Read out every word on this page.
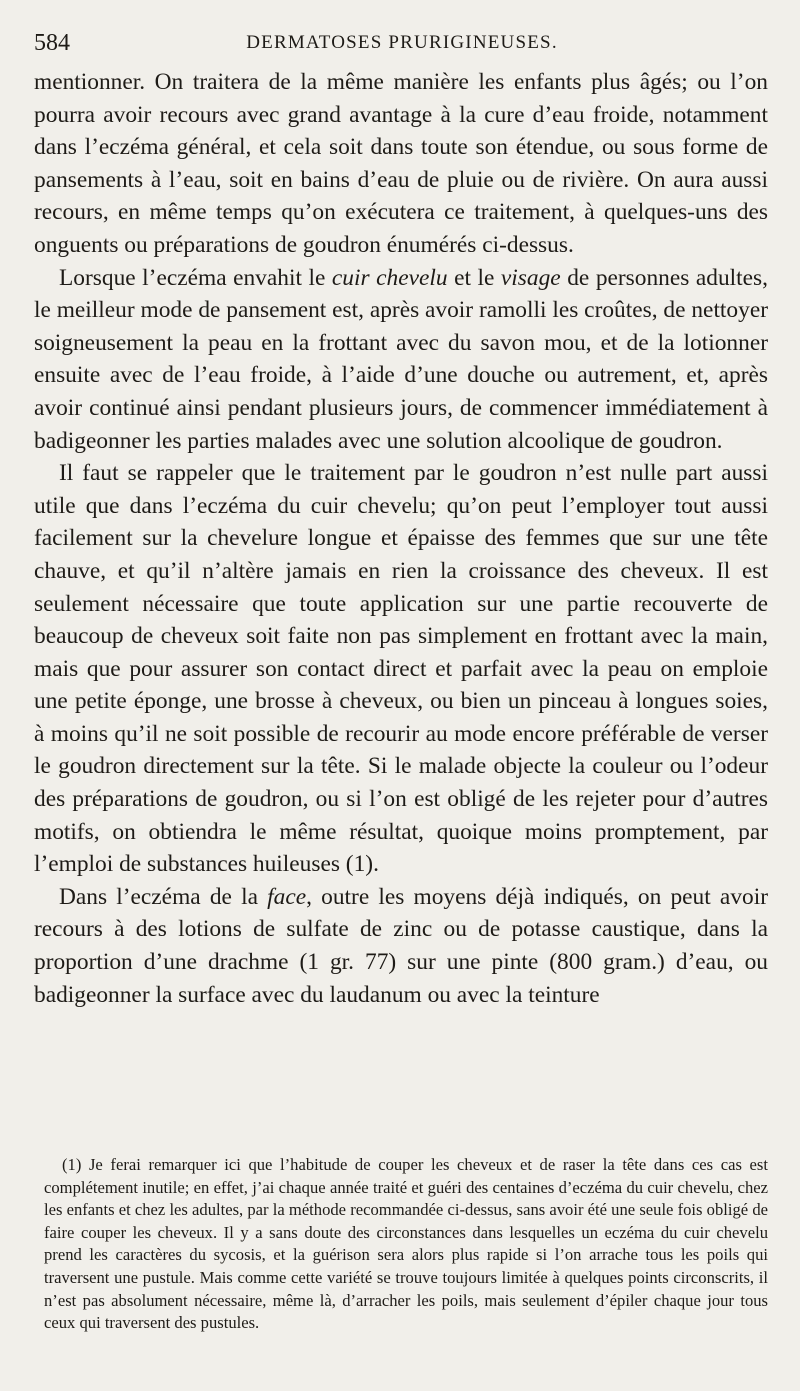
584	DERMATOSES PRURIGINEUSES.

mentionner. On traitera de la même manière les enfants plus âgés; ou l’on pourra avoir recours avec grand avantage à la cure d’eau froide, notamment dans l’eczéma général, et cela soit dans toute son étendue, ou sous forme de pansements à l’eau, soit en bains d’eau de pluie ou de rivière. On aura aussi recours, en même temps qu’on exécutera ce traitement, à quelques-uns des onguents ou préparations de goudron énumérés ci-dessus.

Lorsque l’eczéma envahit le cuir chevelu et le visage de personnes adultes, le meilleur mode de pansement est, après avoir ramolli les croûtes, de nettoyer soigneusement la peau en la frottant avec du savon mou, et de la lotionner ensuite avec de l’eau froide, à l’aide d’une douche ou autrement, et, après avoir continué ainsi pendant plusieurs jours, de commencer immédiatement à badigeonner les parties malades avec une solution alcoolique de goudron.

Il faut se rappeler que le traitement par le goudron n’est nulle part aussi utile que dans l’eczéma du cuir chevelu; qu’on peut l’employer tout aussi facilement sur la chevelure longue et épaisse des femmes que sur une tête chauve, et qu’il n’altère jamais en rien la croissance des cheveux. Il est seulement nécessaire que toute application sur une partie recouverte de beaucoup de cheveux soit faite non pas simplement en frottant avec la main, mais que pour assurer son contact direct et parfait avec la peau on emploie une petite éponge, une brosse à cheveux, ou bien un pinceau à longues soies, à moins qu’il ne soit possible de recourir au mode encore préférable de verser le goudron directement sur la tête. Si le malade objecte la couleur ou l’odeur des préparations de goudron, ou si l’on est obligé de les rejeter pour d’autres motifs, on obtiendra le même résultat, quoique moins promptement, par l’emploi de substances huileuses (1).

Dans l’eczéma de la face, outre les moyens déjà indiqués, on peut avoir recours à des lotions de sulfate de zinc ou de potasse caustique, dans la proportion d’une drachme (1 gr. 77) sur une pinte (800 gram.) d’eau, ou badigeonner la surface avec du laudanum ou avec la teinture

(1) Je ferai remarquer ici que l’habitude de couper les cheveux et de raser la tête dans ces cas est complétement inutile; en effet, j’ai chaque année traité et guéri des centaines d’eczéma du cuir chevelu, chez les enfants et chez les adultes, par la méthode recommandée ci-dessus, sans avoir été une seule fois obligé de faire couper les cheveux. Il y a sans doute des circonstances dans lesquelles un eczéma du cuir chevelu prend les caractères du sycosis, et la guérison sera alors plus rapide si l’on arrache tous les poils qui traversent une pustule. Mais comme cette variété se trouve toujours limitée à quelques points circonscrits, il n’est pas absolument nécessaire, même là, d’arracher les poils, mais seulement d’épiler chaque jour tous ceux qui traversent des pustules.
